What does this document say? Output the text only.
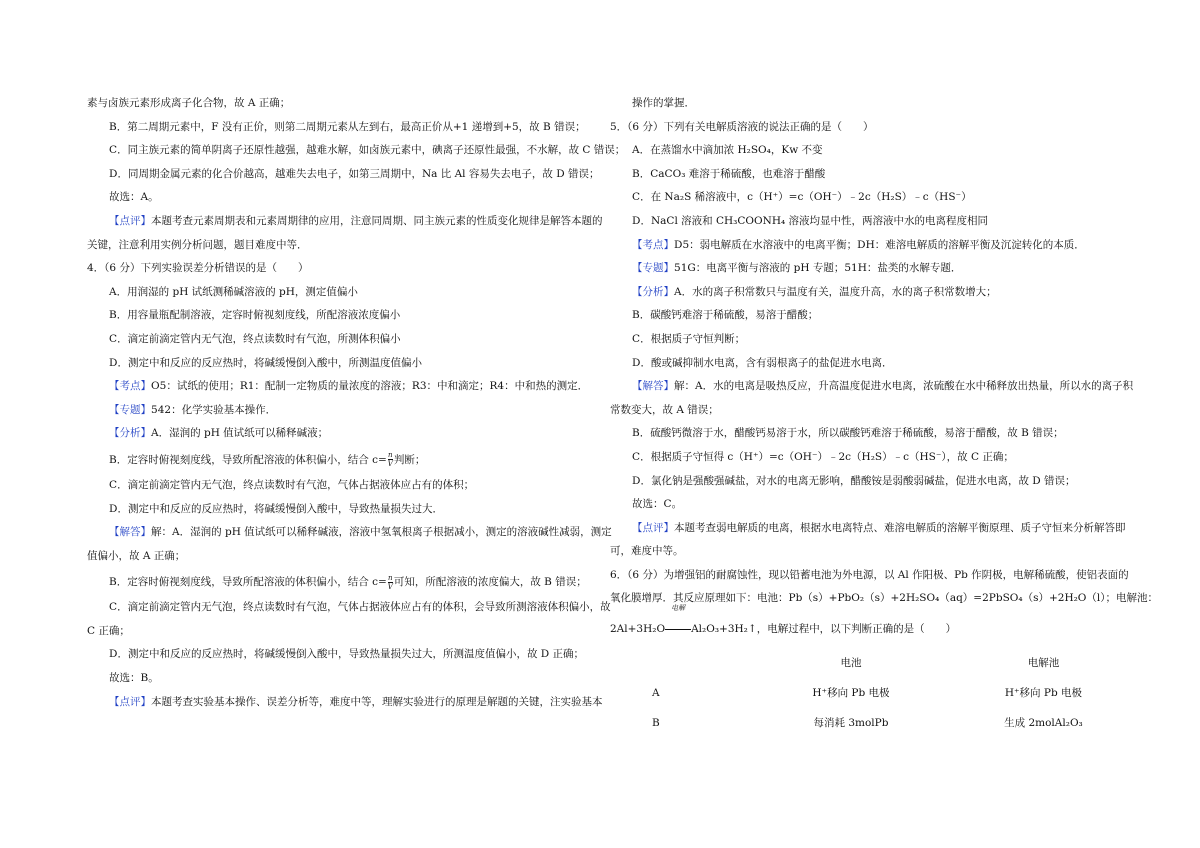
素与卤族元素形成离子化合物，故 A 正确；

B．第二周期元素中，F 没有正价，则第二周期元素从左到右，最高正价从+1 递增到+5，故 B 错误；

C．同主族元素的简单阴离子还原性越强，越难水解，如卤族元素中，碘离子还原性最强，不水解，故 C 错误；

D．同周期金属元素的化合价越高，越难失去电子，如第三周期中，Na 比 Al 容易失去电子，故 D 错误；

故选：A。

【点评】本题考查元素周期表和元素周期律的应用，注意同周期、同主族元素的性质变化规律是解答本题的

关键，注意利用实例分析问题，题目难度中等．

4．（6 分）下列实验误差分析错误的是（　　）

A．用润湿的 pH 试纸测稀碱溶液的 pH，测定值偏小

B．用容量瓶配制溶液，定容时俯视刻度线，所配溶液浓度偏小

C．滴定前滴定管内无气泡，终点读数时有气泡，所测体积偏小

D．测定中和反应的反应热时，将碱缓慢倒入酸中，所测温度值偏小

【考点】O5：试纸的使用；R1：配制一定物质的量浓度的溶液；R3：中和滴定；R4：中和热的测定．

【专题】542：化学实验基本操作．

【分析】A．湿润的 pH 值试纸可以稀释碱液；

B．定容时俯视刻度线，导致所配溶液的体积偏小，结合 $c= \frac{n}{V}$ 判断；

C．滴定前滴定管内无气泡，终点读数时有气泡，气体占据液体应占有的体积；

D．测定中和反应的反应热时，将碱缓慢倒入酸中，导致热量损失过大．

【解答】解：A．湿润的 pH 值试纸可以稀释碱液，溶液中氢氧根离子根据减小，测定的溶液碱性减弱，测定

值偏小，故 A 正确；

B．定容时俯视刻度线，导致所配溶液的体积偏小，结合 $c= \frac{n}{V}$ 可知，所配溶液的浓度偏大，故 B 错误；

C．滴定前滴定管内无气泡，终点读数时有气泡，气体占据液体应占有的体积，会导致所测溶液体积偏小，故

C 正确；

D．测定中和反应的反应热时，将碱缓慢倒入酸中，导致热量损失过大，所测温度值偏小，故 D 正确；

故选：B。

【点评】本题考查实验基本操作、误差分析等，难度中等，理解实验进行的原理是解题的关键，注实验基本

操作的掌握．

5．（6 分）下列有关电解质溶液的说法正确的是（　　）

A．在蒸馏水中滴加浓 H₂SO₄，Kw 不变

B．CaCO₃ 难溶于稀硫酸，也难溶于醋酸

C．在 Na₂S 稀溶液中，c（H⁺）=c（OH⁻）﹣2c（H₂S）﹣c（HS⁻）

D．NaCl 溶液和 CH₃COONH₄ 溶液均显中性，两溶液中水的电离程度相同

【考点】D5：弱电解质在水溶液中的电离平衡；DH：难溶电解质的溶解平衡及沉淀转化的本质．

【专题】51G：电离平衡与溶液的 pH 专题；51H：盐类的水解专题．

【分析】A．水的离子积常数只与温度有关，温度升高，水的离子积常数增大；

B．碳酸钙难溶于稀硫酸，易溶于醋酸；

C．根据质子守恒判断；

D．酸或碱抑制水电离，含有弱根离子的盐促进水电离．

【解答】解：A．水的电离是吸热反应，升高温度促进水电离，浓硫酸在水中稀释放出热量，所以水的离子积

常数变大，故 A 错误；

B．硫酸钙微溶于水，醋酸钙易溶于水，所以碳酸钙难溶于稀硫酸，易溶于醋酸，故 B 错误；

C．根据质子守恒得 c（H⁺）=c（OH⁻）﹣2c（H₂S）﹣c（HS⁻），故 C 正确；

D．氯化钠是强酸强碱盐，对水的电离无影响，醋酸铵是弱酸弱碱盐，促进水电离，故 D 错误；

故选：C。

【点评】本题考查弱电解质的电离，根据水电离特点、难溶电解质的溶解平衡原理、质子守恒来分析解答即

可，难度中等。

6．（6 分）为增强铝的耐腐蚀性，现以铅蓄电池为外电源，以 Al 作阳极、Pb 作阴极，电解稀硫酸，使铝表面的

氧化膜增厚．其反应原理如下：电池：Pb（s）+PbO₂（s）+2H₂SO₄（aq）=2PbSO₄（s）+2H₂O（l）；电解池：

2Al+3H₂O
电解
Al₂O₃+3H₂↑，电解过程中，以下判断正确的是（　　）

	电池	电解池
A	H⁺移向 Pb 电极	H⁺移向 Pb 电极
B	每消耗 3molPb	生成 2molAl₂O₃
